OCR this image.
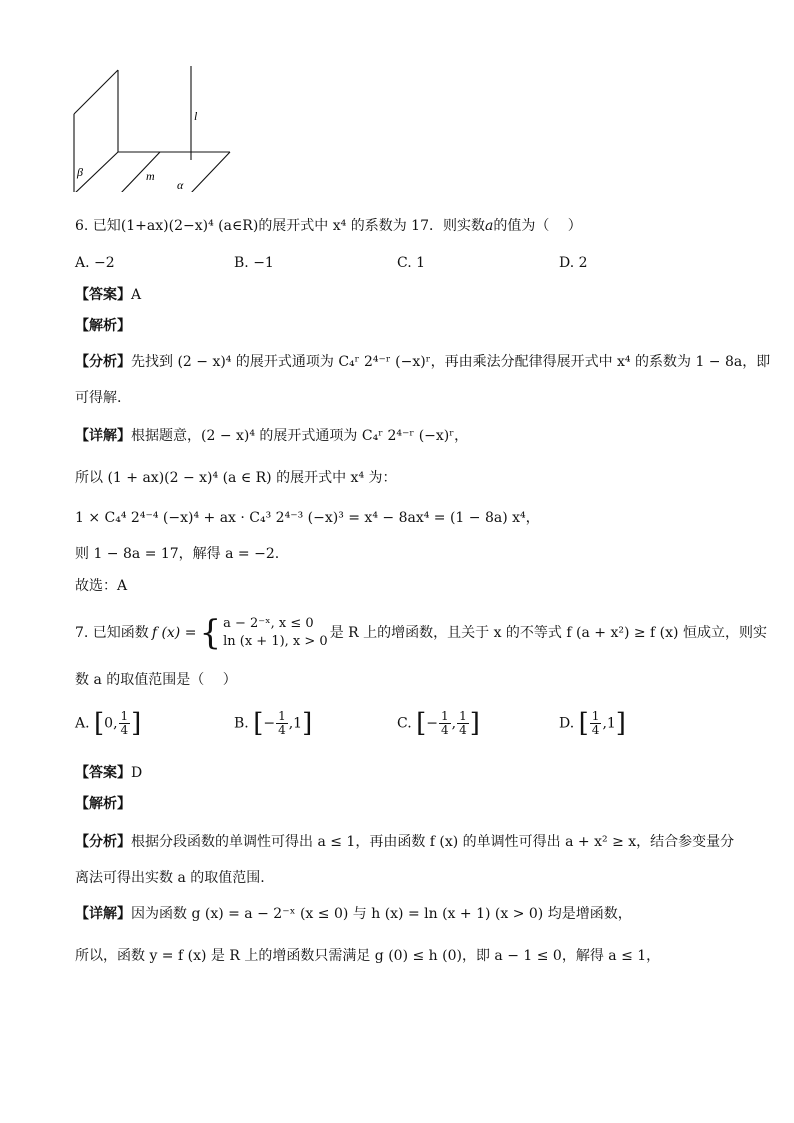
l
β	m
α
6. 已知(1+ax)(2−x)⁴ (a∈R)的展开式中 x⁴ 的系数为 17．则实数a的值为（　 ）
A. −2	B. −1	C. 1	D. 2
【答案】A
【解析】
【分析】先找到 (2 − x)⁴ 的展开式通项为 C₄ʳ 2⁴⁻ʳ (−x)ʳ，再由乘法分配律得展开式中 x⁴ 的系数为 1 − 8a，即
可得解.
【详解】根据题意，(2 − x)⁴ 的展开式通项为 C₄ʳ 2⁴⁻ʳ (−x)ʳ，
所以 (1 + ax)(2 − x)⁴ (a ∈ R) 的展开式中 x⁴ 为：
1 × C₄⁴ 2⁴⁻⁴ (−x)⁴ + ax · C₄³ 2⁴⁻³ (−x)³ = x⁴ − 8ax⁴ = (1 − 8a) x⁴，
则 1 − 8a = 17，解得 a = −2.
故选：A
7. 已知函数 f (x) = { a − 2⁻ˣ, x ≤ 0
ln (x + 1), x > 0
是 R 上的增函数，且关于 x 的不等式 f (a + x²) ≥ f (x) 恒成立，则实
数 a 的取值范围是（　 ）
A. [0, $\frac{1}{4}$ ]	B. [− $\frac{1}{4} ,1$]	C. [− $\frac{1}{4}$ , $\frac{1}{4}$ ]	D. [ $\frac{1}{4} ,1$]
【答案】D
【解析】
【分析】根据分段函数的单调性可得出 a ≤ 1，再由函数 f (x) 的单调性可得出 a + x² ≥ x，结合参变量分
离法可得出实数 a 的取值范围.
【详解】因为函数 g (x) = a − 2⁻ˣ (x ≤ 0) 与 h (x) = ln (x + 1) (x > 0) 均是增函数，
所以，函数 y = f (x) 是 R 上的增函数只需满足 g (0) ≤ h (0)，即 a − 1 ≤ 0，解得 a ≤ 1，
